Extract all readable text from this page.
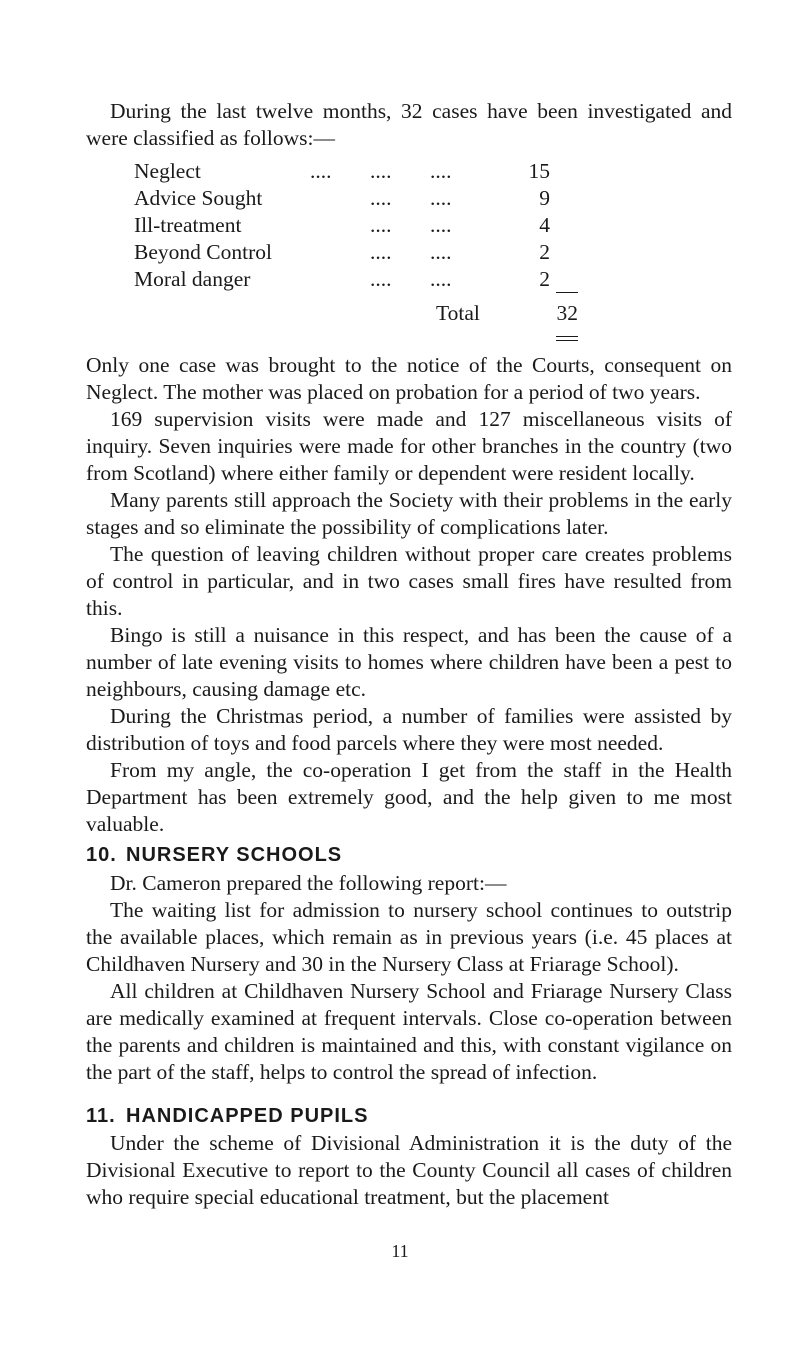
During the last twelve months, 32 cases have been investigated and were classified as follows:—

Neglect	.... ....	....	15
Advice Sought	....	....	9
Ill-treatment	....	....	4
Beyond Control	....	....	2
Moral danger	....	....	2
Total	32

Only one case was brought to the notice of the Courts, consequent on Neglect. The mother was placed on probation for a period of two years.

169 supervision visits were made and 127 miscellaneous visits of inquiry. Seven inquiries were made for other branches in the country (two from Scotland) where either family or dependent were resident locally.

Many parents still approach the Society with their problems in the early stages and so eliminate the possibility of complications later.

The question of leaving children without proper care creates problems of control in particular, and in two cases small fires have resulted from this.

Bingo is still a nuisance in this respect, and has been the cause of a number of late evening visits to homes where children have been a pest to neighbours, causing damage etc.

During the Christmas period, a number of families were assisted by distribution of toys and food parcels where they were most needed.

From my angle, the co-operation I get from the staff in the Health Department has been extremely good, and the help given to me most valuable.

10. NURSERY SCHOOLS

Dr. Cameron prepared the following report:—

The waiting list for admission to nursery school continues to outstrip the available places, which remain as in previous years (i.e. 45 places at Childhaven Nursery and 30 in the Nursery Class at Friarage School).

All children at Childhaven Nursery School and Friarage Nursery Class are medically examined at frequent intervals. Close co-operation between the parents and children is maintained and this, with constant vigilance on the part of the staff, helps to control the spread of infection.

11. HANDICAPPED PUPILS

Under the scheme of Divisional Administration it is the duty of the Divisional Executive to report to the County Council all cases of children who require special educational treatment, but the placement

11
